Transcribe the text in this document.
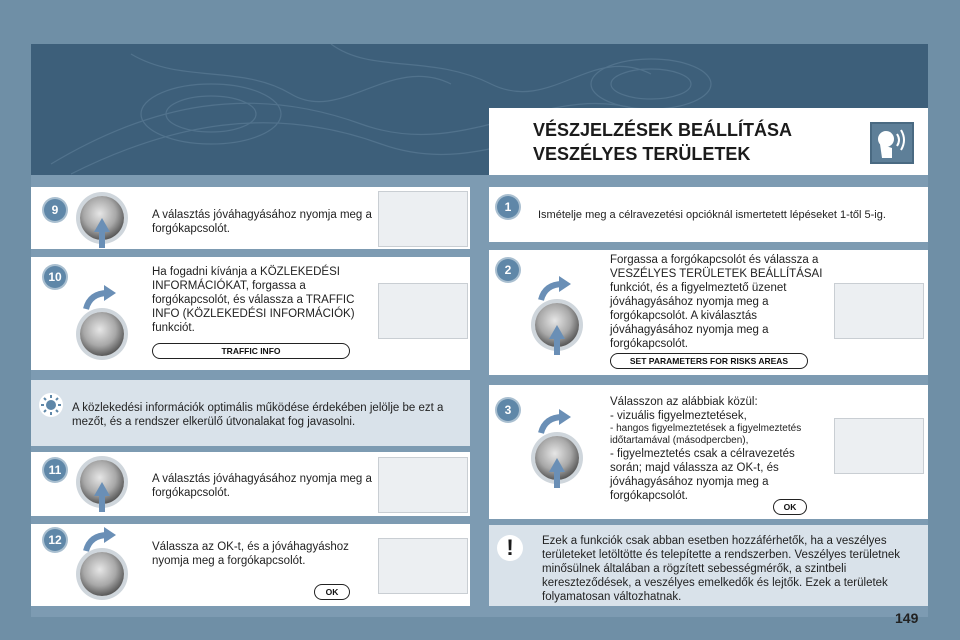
VÉSZJELZÉSEK BEÁLLÍTÁSA
VESZÉLYES TERÜLETEK
9	A választás jóváhagyásához nyomja meg a forgókapcsolót.
10	Ha fogadni kívánja a KÖZLEKEDÉSI INFORMÁCIÓKAT, forgassa a forgókapcsolót, és válassza a TRAFFIC INFO (KÖZLEKEDÉSI INFORMÁCIÓK) funkciót.
TRAFFIC INFO
A közlekedési információk optimális működése érdekében jelölje be ezt a mezőt, és a rendszer elkerülő útvonalakat fog javasolni.
11
A választás jóváhagyásához nyomja meg a forgókapcsolót.
12	Válassza az OK-t, és a jóváhagyáshoz nyomja meg a forgókapcsolót.
OK
1
Ismételje meg a célravezetési opcióknál ismertetett lépéseket 1-től 5-ig.
2
Forgassa a forgókapcsolót és válassza a VESZÉLYES TERÜLETEK BEÁLLÍTÁSAI funkciót, és a figyelmeztető üzenet jóváhagyásához nyomja meg a forgókapcsolót. A kiválasztás jóváhagyásához nyomja meg a forgókapcsolót.
SET PARAMETERS FOR RISKS AREAS
3
Válasszon az alábbiak közül:
- vizuális figyelmeztetések,
- hangos figyelmeztetések a figyelmeztetés időtartamával (másodpercben),
- figyelmeztetés csak a célravezetés során; majd válassza az OK-t, és jóváhagyásához nyomja meg a forgókapcsolót.
OK
!	Ezek a funkciók csak abban esetben hozzáférhetők, ha a veszélyes területeket letöltötte és telepítette a rendszerben. Veszélyes területnek minősülnek általában a rögzített sebességmérők, a szintbeli kereszteződések, a veszélyes emelkedők és lejtők. Ezek a területek folyamatosan változhatnak.
149
